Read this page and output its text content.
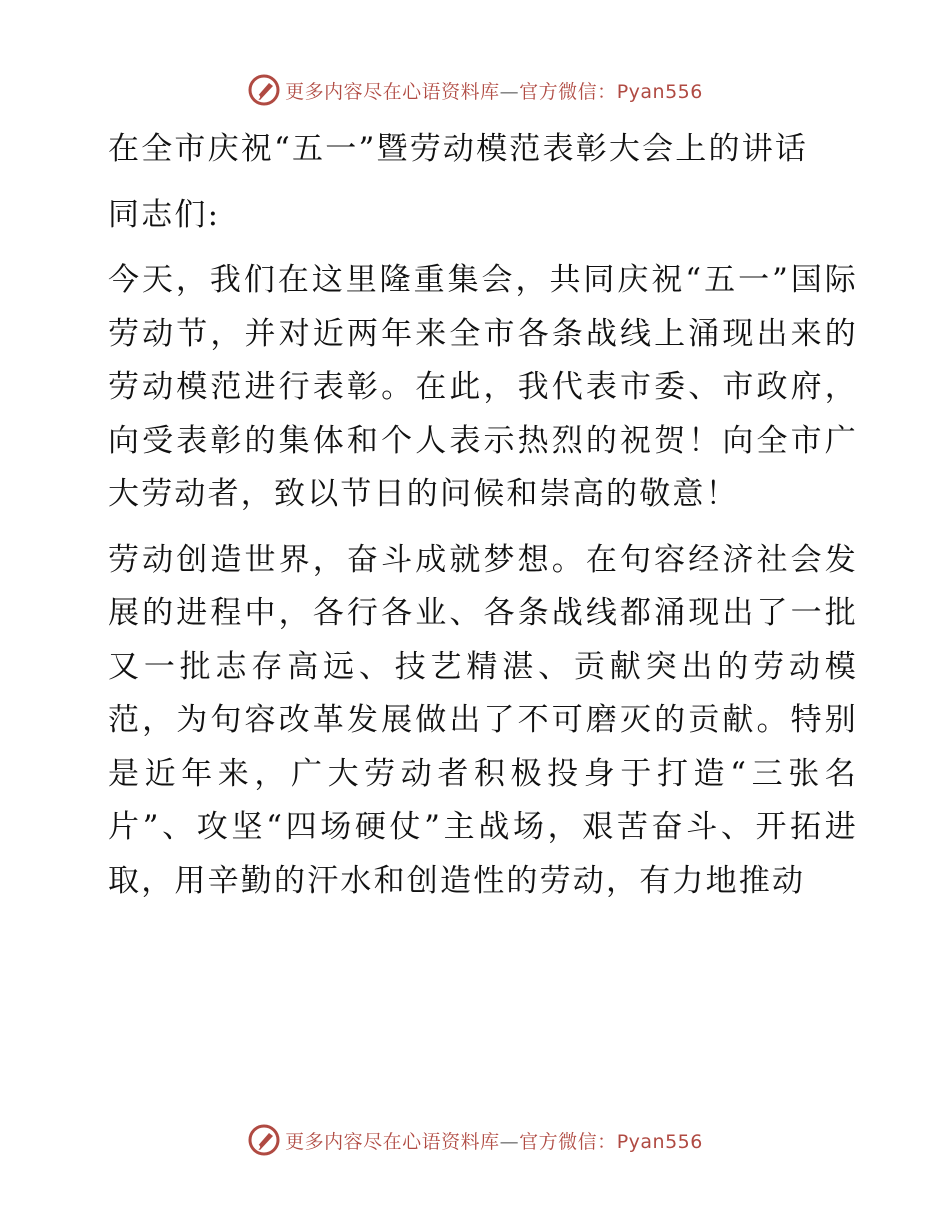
更多内容尽在心语资料库—官方微信：Pyan556

在全市庆祝“五一”暨劳动模范表彰大会上的讲话

同志们:

今天，我们在这里隆重集会，共同庆祝“五一”国际劳动节，并对近两年来全市各条战线上涌现出来的劳动模范进行表彰。在此，我代表市委、市政府，向受表彰的集体和个人表示热烈的祝贺！向全市广大劳动者，致以节日的问候和崇高的敬意！

劳动创造世界，奋斗成就梦想。在句容经济社会发展的进程中，各行各业、各条战线都涌现出了一批又一批志存高远、技艺精湛、贡献突出的劳动模范，为句容改革发展做出了不可磨灭的贡献。特别是近年来，广大劳动者积极投身于打造“三张名片”、攻坚“四场硬仗”主战场，艰苦奋斗、开拓进取，用辛勤的汗水和创造性的劳动，有力地推动

更多内容尽在心语资料库—官方微信：Pyan556
